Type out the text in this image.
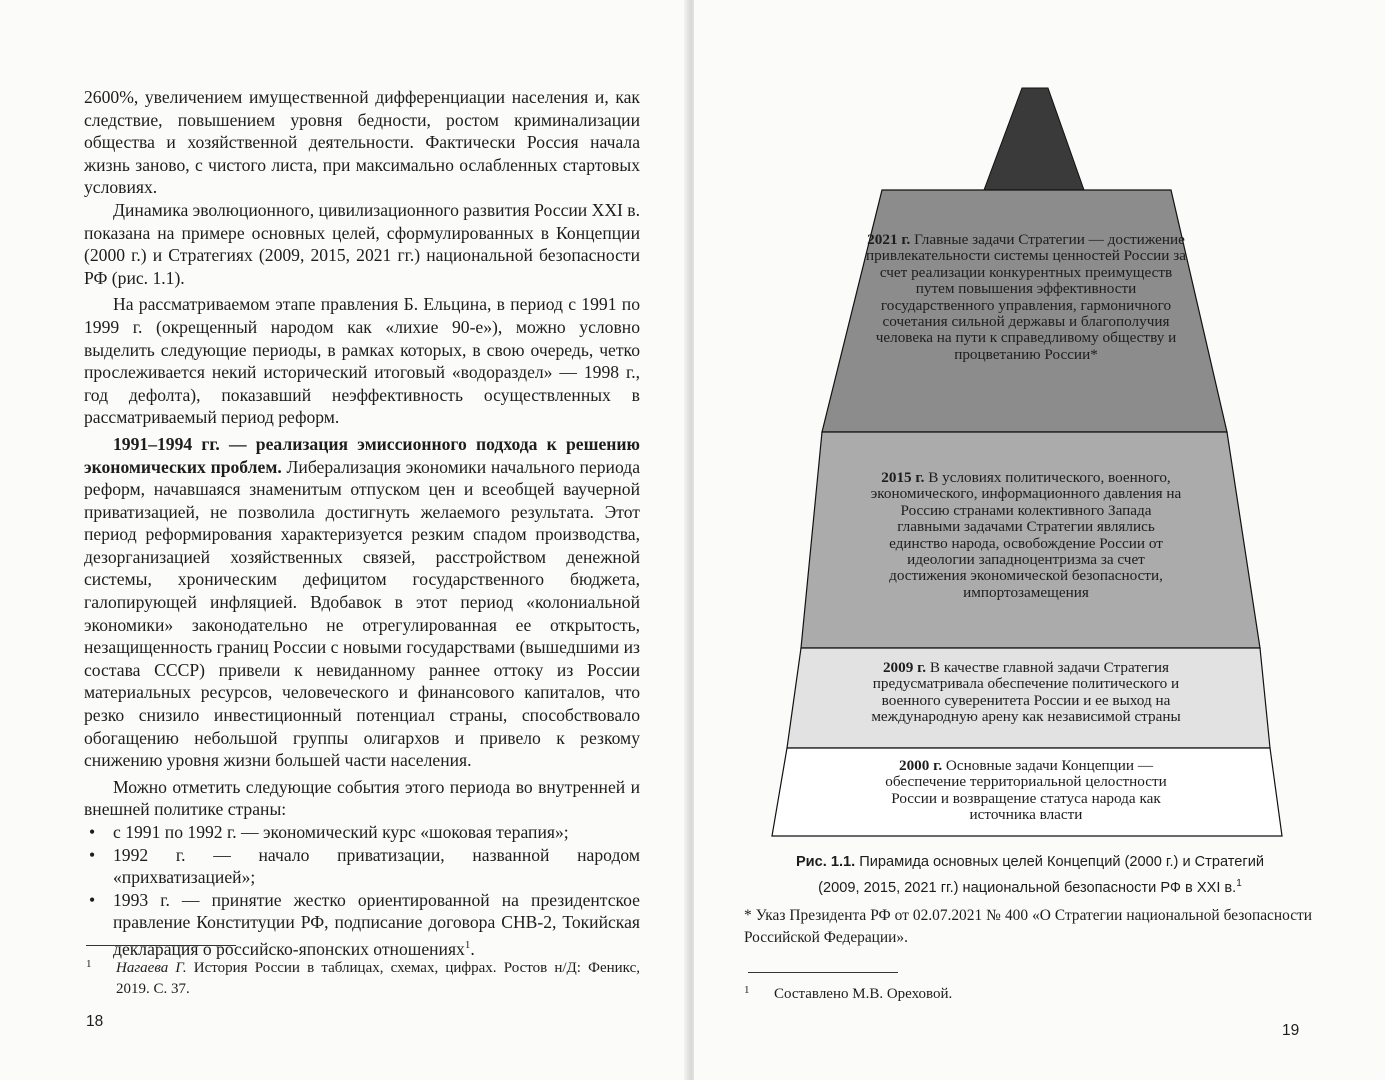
2600%, увеличением имущественной дифференциации населения и, как следствие, повышением уровня бедности, ростом криминализации общества и хозяйственной деятельности. Фактически Россия начала жизнь заново, с чистого листа, при максимально ослабленных стартовых условиях.

Динамика эволюционного, цивилизационного развития России XXI в. показана на примере основных целей, сформулированных в Концепции (2000 г.) и Стратегиях (2009, 2015, 2021 гг.) национальной безопасности РФ (рис. 1.1).

На рассматриваемом этапе правления Б. Ельцина, в период с 1991 по 1999 г. (окрещенный народом как «лихие 90-е»), можно условно выделить следующие периоды, в рамках которых, в свою очередь, четко прослеживается некий исторический итоговый «водораздел» — 1998 г., год дефолта), показавший неэффективность осуществленных в рассматриваемый период реформ.

1991–1994 гг. — реализация эмиссионного подхода к решению экономических проблем. Либерализация экономики начального периода реформ, начавшаяся знаменитым отпуском цен и всеобщей ваучерной приватизацией, не позволила достигнуть желаемого результата. Этот период реформирования характеризуется резким спадом производства, дезорганизацией хозяйственных связей, расстройством денежной системы, хроническим дефицитом государственного бюджета, галопирующей инфляцией. Вдобавок в этот период «колониальной экономики» законодательно не отрегулированная ее открытость, незащищенность границ России с новыми государствами (вышедшими из состава СССР) привели к невиданному раннее оттоку из России материальных ресурсов, человеческого и финансового капиталов, что резко снизило инвестиционный потенциал страны, способствовало обогащению небольшой группы олигархов и привело к резкому снижению уровня жизни большей части населения.

Можно отметить следующие события этого периода во внутренней и внешней политике страны:

• с 1991 по 1992 г. — экономический курс «шоковая терапия»;
• 1992 г. — начало приватизации, названной народом «прихватизацией»;
• 1993 г. — принятие жестко ориентированной на президентское правление Конституции РФ, подписание договора СНВ-2, Токийская декларация о российско-японских отношениях$^1$.
1 Нагаева Г. История России в таблицах, схемах, цифрах. Ростов н/Д: Феникс, 2019. С. 37.
18
2021 г. Главные задачи Стратегии — достижение привлекательности системы ценностей России за счет реализации конкурентных преимуществ путем повышения эффективности государственного управления, гармоничного сочетания сильной державы и благополучия человека на пути к справедливому обществу и процветанию России*
2015 г. В условиях политического, военного, экономического, информационного давления на Россию странами колективного Запада главными задачами Стратегии являлись единство народа, освобождение России от идеологии западноцентризма за счет достижения экономической безопасности, импортозамещения
2009 г. В качестве главной задачи Стратегия предусматривала обеспечение политического и военного суверенитета России и ее выход на международную арену как независимой страны
2000 г. Основные задачи Концепции — обеспечение территориальной целостности России и возвращение статуса народа как источника власти
Рис. 1.1. Пирамида основных целей Концепций (2000 г.) и Стратегий (2009, 2015, 2021 гг.) национальной безопасности РФ в XXI в.$^1$
* Указ Президента РФ от 02.07.2021 № 400 «О Стратегии национальной безопасности Российской Федерации».
1 Составлено М.В. Ореховой.
19
